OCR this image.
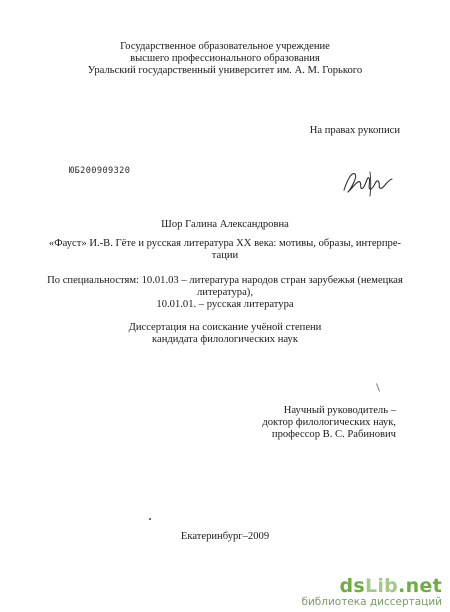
Государственное образовательное учреждение
высшего профессионального образования
Уральский государственный университет им. А. М. Горького
На правах рукописи
ЮБ200909320
Шор Галина Александровна
«Фауст» И.-В. Гёте и русская литература ХХ века: мотивы, образы, интерпре-
тации
По специальностям: 10.01.03 – литература народов стран зарубежья (немецкая
литература),
10.01.01. – русская литература
Диссертация на соискание учёной степени
кандидата филологических наук
Научный руководитель –
доктор филологических наук,
профессор В. С. Рабинович
Екатеринбург–2009
dsLib.net
библиотека диссертаций
